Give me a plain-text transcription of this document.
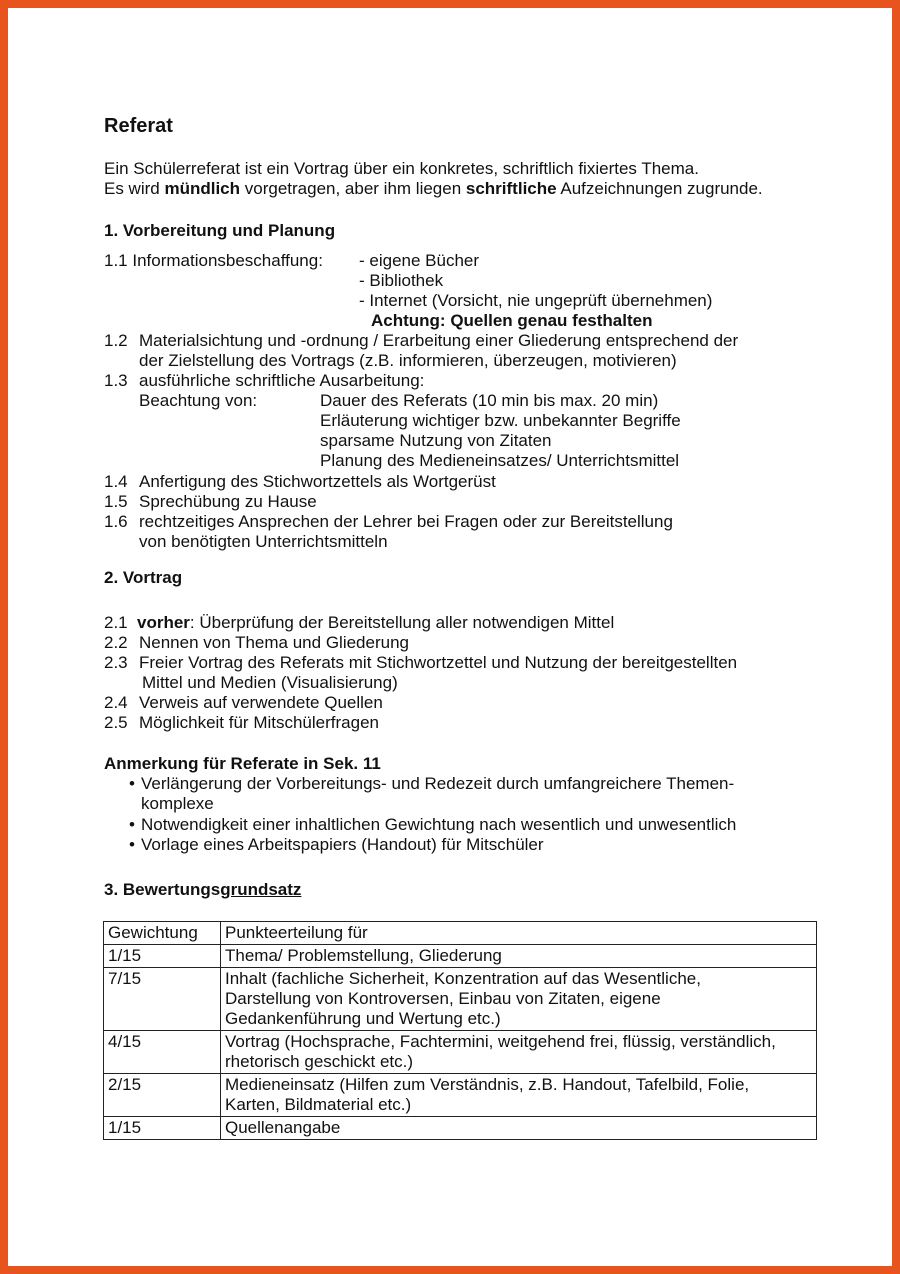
Referat
Ein Schülerreferat ist ein Vortrag über ein konkretes, schriftlich fixiertes Thema.
Es wird mündlich vorgetragen, aber ihm liegen schriftliche Aufzeichnungen zugrunde.
1. Vorbereitung und Planung
1.1 Informationsbeschaffung: - eigene Bücher
- Bibliothek
- Internet (Vorsicht, nie ungeprüft übernehmen)
Achtung: Quellen genau festhalten
1.2 Materialsichtung und -ordnung / Erarbeitung einer Gliederung entsprechend der
der Zielstellung des Vortrags (z.B. informieren, überzeugen, motivieren)
1.3 ausführliche schriftliche Ausarbeitung:
Beachtung von:	Dauer des Referats (10 min bis max. 20 min)
Erläuterung wichtiger bzw. unbekannter Begriffe
sparsame Nutzung von Zitaten
Planung des Medieneinsatzes/ Unterrichtsmittel
1.4 Anfertigung des Stichwortzettels als Wortgerüst
1.5 Sprechübung zu Hause
1.6 rechtzeitiges Ansprechen der Lehrer bei Fragen oder zur Bereitstellung
von benötigten Unterrichtsmitteln
2. Vortrag
2.1 vorher: Überprüfung der Bereitstellung aller notwendigen Mittel
2.2 Nennen von Thema und Gliederung
2.3 Freier Vortrag des Referats mit Stichwortzettel und Nutzung der bereitgestellten
Mittel und Medien (Visualisierung)
2.4 Verweis auf verwendete Quellen
2.5 Möglichkeit für Mitschülerfragen
Anmerkung für Referate in Sek. 11
• Verlängerung der Vorbereitungs- und Redezeit durch umfangreichere Themen-
komplexe
• Notwendigkeit einer inhaltlichen Gewichtung nach wesentlich und unwesentlich
• Vorlage eines Arbeitspapiers (Handout) für Mitschüler
3. Bewertungsgrundsatz
Gewichtung	Punkteerteilung für
1/15	Thema/ Problemstellung, Gliederung

7/15	Inhalt (fachliche Sicherheit, Konzentration auf das Wesentliche,
Darstellung von Kontroversen, Einbau von Zitaten, eigene
Gedankenführung und Wertung etc.)

4/15	Vortrag (Hochsprache, Fachtermini, weitgehend frei, flüssig, verständlich,
rhetorisch geschickt etc.)

2/15	Medieneinsatz (Hilfen zum Verständnis, z.B. Handout, Tafelbild, Folie,
Karten, Bildmaterial etc.)

1/15	Quellenangabe
